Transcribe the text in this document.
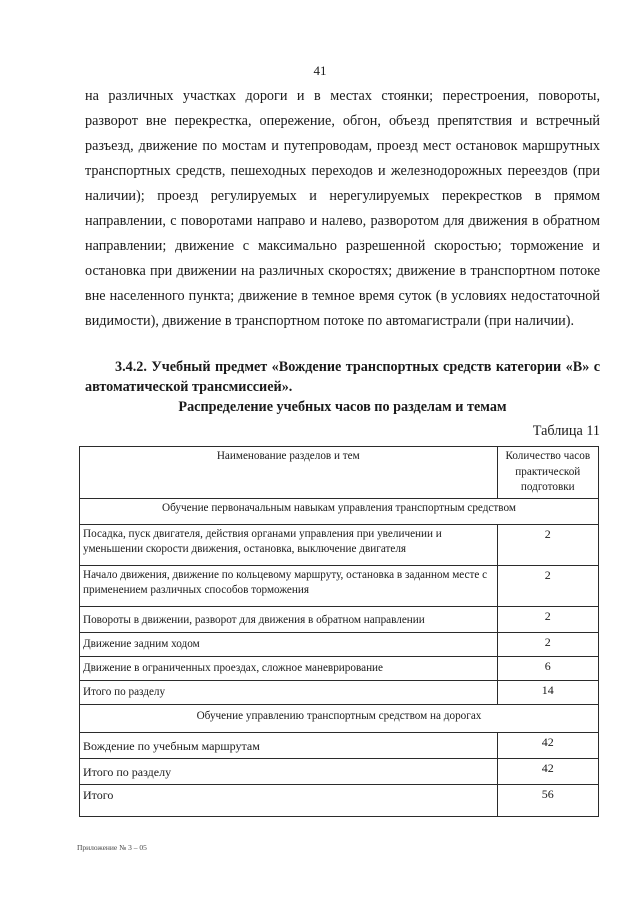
41

на различных участках дороги и в местах стоянки; перестроения, повороты, разворот вне перекрестка, опережение, обгон, объезд препятствия и встречный разъезд, движение по мостам и путепроводам, проезд мест остановок маршрутных транспортных средств, пешеходных переходов и железнодорожных переездов (при наличии); проезд регулируемых и нерегулируемых перекрестков в прямом направлении, с поворотами направо и налево, разворотом для движения в обратном направлении; движение с максимально разрешенной скоростью; торможение и остановка при движении на различных скоростях; движение в транспортном потоке вне населенного пункта; движение в темное время суток (в условиях недостаточной видимости), движение в транспортном потоке по автомагистрали (при наличии).

3.4.2. Учебный предмет «Вождение транспортных средств категории «B» с автоматической трансмиссией».

Распределение учебных часов по разделам и темам

Таблица 11

Наименование разделов и тем	Количество часов практической подготовки
Обучение первоначальным навыкам управления транспортным средством	
Посадка, пуск двигателя, действия органами управления при увеличении и уменьшении скорости движения, остановка, выключение двигателя	2
Начало движения, движение по кольцевому маршруту, остановка в заданном месте с применением различных способов торможения	2
Повороты в движении, разворот для движения в обратном направлении	2
Движение задним ходом	2
Движение в ограниченных проездах, сложное маневрирование	6
Итого по разделу	14
Обучение управлению транспортным средством на дорогах	
Вождение по учебным маршрутам	42
Итого по разделу	42
Итого	56
Приложение № 3 – 05
